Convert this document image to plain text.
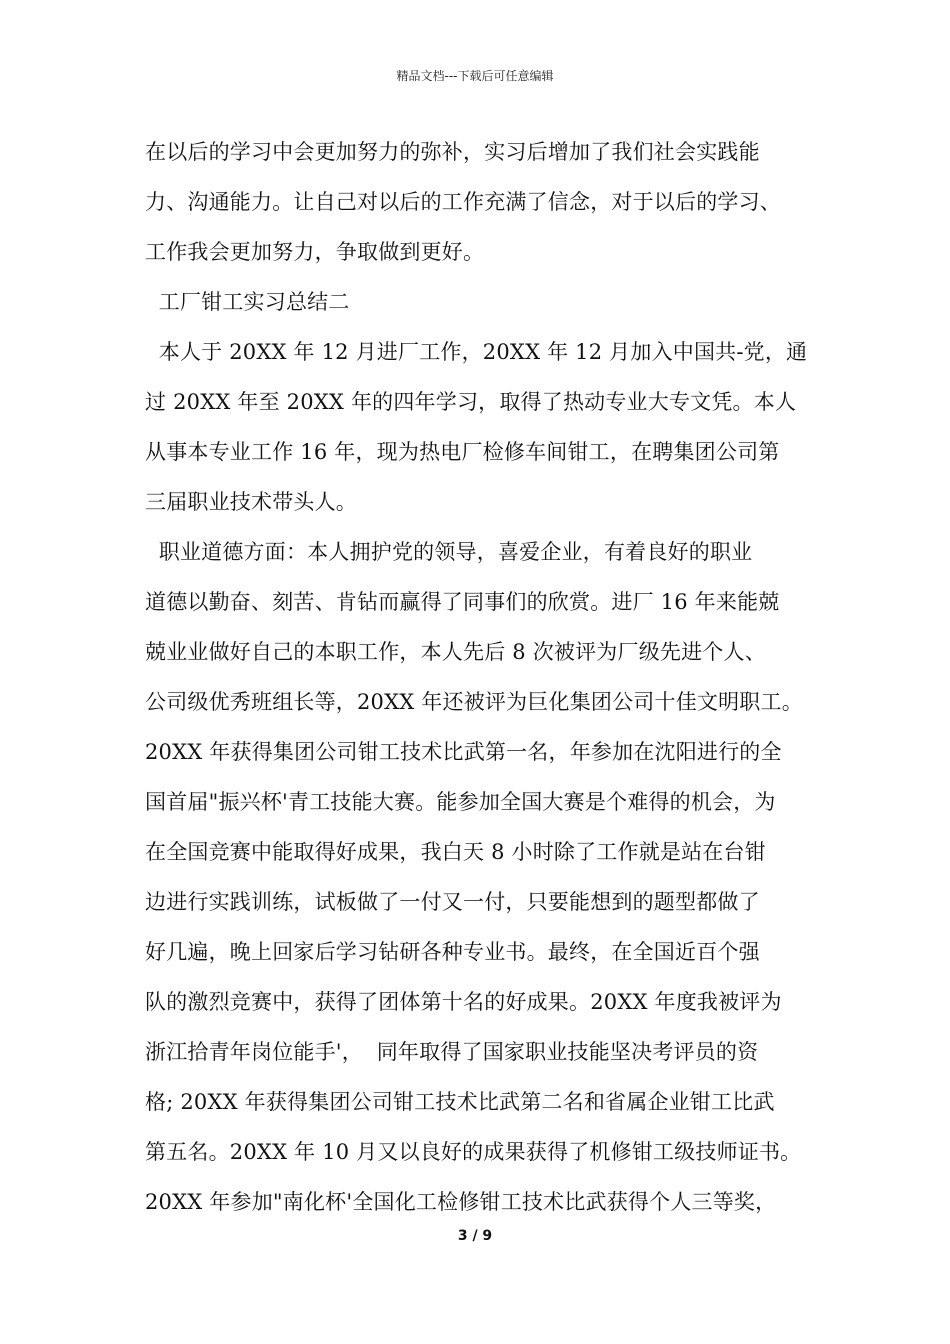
精品文档---下载后可任意编辑
在以后的学习中会更加努力的弥补，实习后增加了我们社会实践能
力、沟通能力。让自己对以后的工作充满了信念，对于以后的学习、
工作我会更加努力，争取做到更好。
工厂钳工实习总结二
本人于 20XX 年 12 月进厂工作，20XX 年 12 月加入中国共-党，通
过 20XX 年至 20XX 年的四年学习，取得了热动专业大专文凭。本人
从事本专业工作 16 年，现为热电厂检修车间钳工，在聘集团公司第
三届职业技术带头人。
职业道德方面：本人拥护党的领导，喜爱企业，有着良好的职业
道德以勤奋、刻苦、肯钻而赢得了同事们的欣赏。进厂 16 年来能兢
兢业业做好自己的本职工作，本人先后 8 次被评为厂级先进个人、
公司级优秀班组长等，20XX 年还被评为巨化集团公司十佳文明职工。
20XX 年获得集团公司钳工技术比武第一名，年参加在沈阳进行的全
国首届"振兴杯'青工技能大赛。能参加全国大赛是个难得的机会，为
在全国竞赛中能取得好成果，我白天 8 小时除了工作就是站在台钳
边进行实践训练，试板做了一付又一付，只要能想到的题型都做了
好几遍，晚上回家后学习钻研各种专业书。最终，在全国近百个强
队的激烈竞赛中，获得了团体第十名的好成果。20XX 年度我被评为
浙江拾青年岗位能手'，  同年取得了国家职业技能坚决考评员的资
格; 20XX 年获得集团公司钳工技术比武第二名和省属企业钳工比武
第五名。20XX 年 10 月又以良好的成果获得了机修钳工级技师证书。
20XX 年参加"南化杯'全国化工检修钳工技术比武获得个人三等奖，
3 / 9
